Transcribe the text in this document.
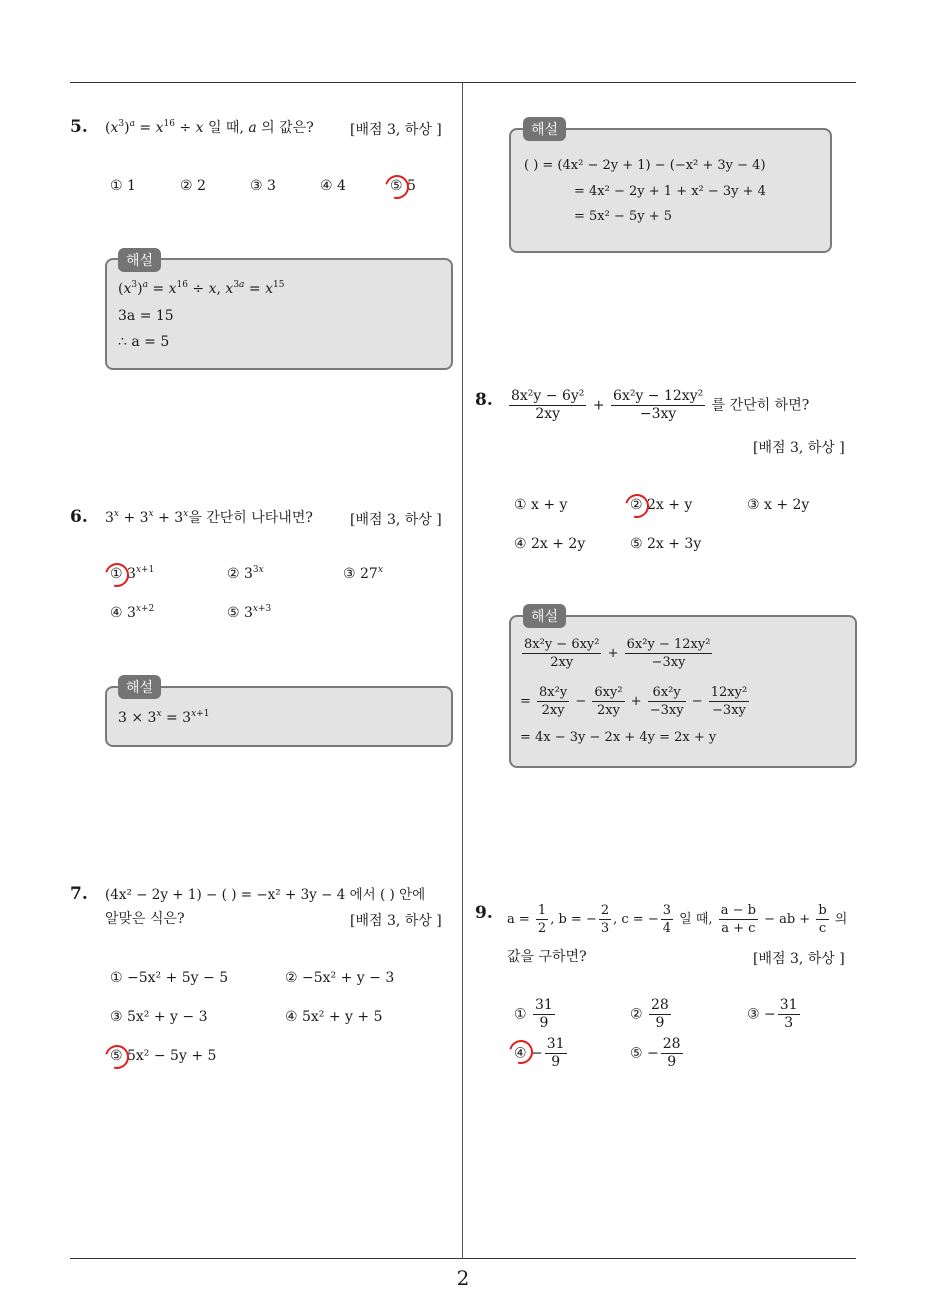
2
5. $(x^3)^a = x^{16} \div x$ 일 때, a 의 값은?	[배점 3, 하상 ]
① 1	② 2	③ 3	④ 4	⑤ 5
해설
$(x^3)^a = x^{16} \div x$, $x^{3a} = x^{15}$
3a = 15
∴ a = 5
6. $3^x + 3^x + 3^x$을 간단히 나타내면?	[배점 3, 하상 ]
① $3^{x+1}$	② $3^{3x}$	③ 27$^x$
④ $3^{x+2}$	⑤ $3^{x+3}$
해설
$3 \times 3^x = 3^{x+1}$
7. (4x² − 2y + 1) − ( ) = −x² + 3y − 4 에서 ( ) 안에
알맞은 식은?	[배점 3, 하상 ]
① −5x² + 5y − 5	② −5x² + y − 3
③ 5x² + y − 3	④ 5x² + y + 5
⑤ 5x² − 5y + 5
해설
( ) = (4x² − 2y + 1) − (−x² + 3y − 4)
= 4x² − 2y + 1 + x² − 3y + 4
= 5x² − 5y + 5
8. $\frac{\text{8x²y − 6y²}}{2xy} + \frac{\text{6x²y − 12xy²}}{-3xy}$ 를 간단히 하면?
[배점 3, 하상 ]
① x + y	② 2x + y	③ x + 2y
④ 2x + 2y	⑤ 2x + 3y
해설
$\frac{\text{8x²y − 6xy²}}{2xy} + \frac{\text{6x²y − 12xy²}}{-3xy}$
= $\frac{\text{8x²y}}{2xy} - \frac{\text{6xy²}}{2xy} + \frac{\text{6x²y}}{-3xy} - \frac{\text{12xy²}}{-3xy}$
= 4x − 3y − 2x + 4y = 2x + y
9. $a = \frac{1}{2}$ , b = − $\frac{2}{3}$ , c = − $\frac{3}{4}$ 일 때, $\frac{a - b}{a + c}$ − ab + $\frac{b}{c}$ 의
값을 구하면?	[배점 3, 하상 ]
① $\frac{31}{9}$	② $\frac{28}{9}$	③ − $\frac{31}{3}$
④ − $\frac{31}{9}$	⑤ − $\frac{28}{9}$
